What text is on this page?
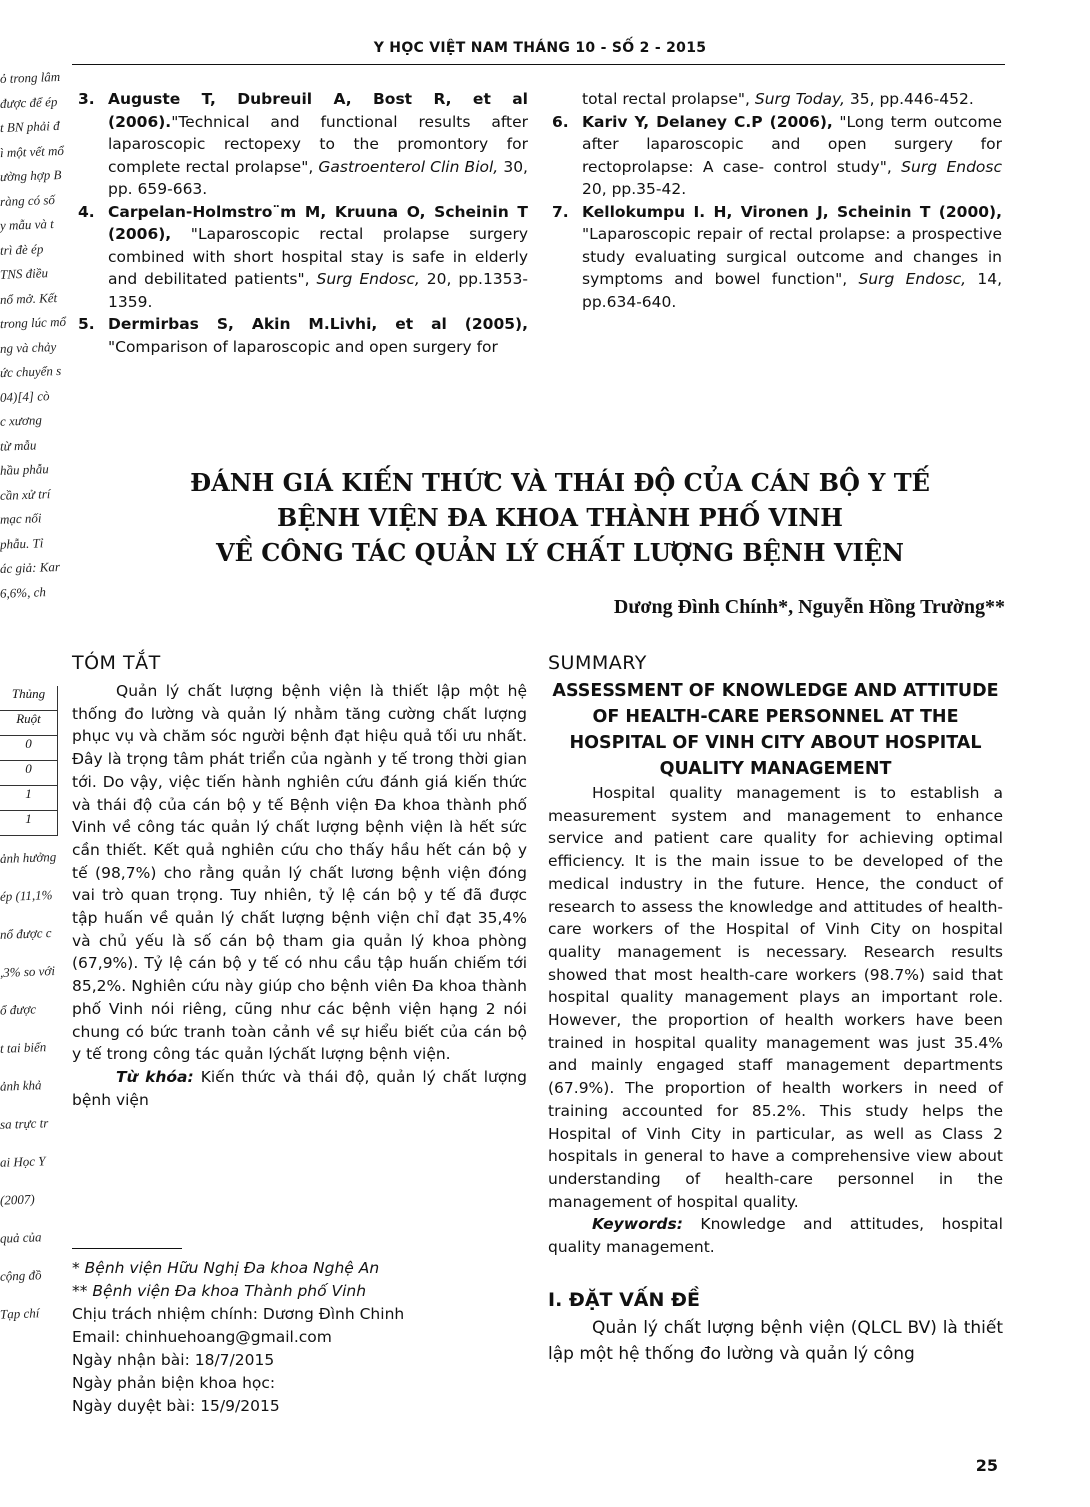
ỏ trong lâm
được để ép
t BN phải đ
ì một vết mổ
ường hợp B
ràng có số
y mẫu và t
trì đè ép
TNS điều
nổ mở. Kết
trong lúc mổ
ng và chảy
ức chuyển s
04)[4] cò
c xương
từ mẫu
hầu phẫu
cần xử trí
mạc nối
phẫu. Tỉ
ác giả: Kar
6,6%, ch
Thủng
Ruột
0
0
1
1
ảnh hưởng
ép (11,1%
nổ được c
,3% so với
ổ được
t tai biến
ảnh khả
sa trực tr
ai Học Y
(2007)
quả của
cộng đồ
Tạp chí
Y HỌC VIỆT NAM THÁNG 10 - SỐ 2 - 2015
3. Auguste T, Dubreuil A, Bost R, et al (2006)."Technical and functional results after laparoscopic rectopexy to the promontory for complete rectal prolapse", Gastroenterol Clin Biol, 30, pp. 659-663.
4. Carpelan-Holmstro¨m M, Kruuna O, Scheinin T (2006), "Laparoscopic rectal prolapse surgery combined with short hospital stay is safe in elderly and debilitated patients", Surg Endosc, 20, pp.1353-1359.
5. Dermirbas S, Akin M.Livhi, et al (2005), "Comparison of laparoscopic and open surgery for
total rectal prolapse", Surg Today, 35, pp.446-452.
6. Kariv Y, Delaney C.P (2006), "Long term outcome after laparoscopic and open surgery for rectoprolapse: A case- control study", Surg Endosc 20, pp.35-42.
7. Kellokumpu I. H, Vironen J, Scheinin T (2000), "Laparoscopic repair of rectal prolapse: a prospective study evaluating surgical outcome and changes in symptoms and bowel function", Surg Endosc, 14, pp.634-640.
ĐÁNH GIÁ KIẾN THỨC VÀ THÁI ĐỘ CỦA CÁN BỘ Y TẾ
BỆNH VIỆN ĐA KHOA THÀNH PHỐ VINH
VỀ CÔNG TÁC QUẢN LÝ CHẤT LƯỢNG BỆNH VIỆN
Dương Đình Chính*, Nguyễn Hồng Trường**
TÓM TẮT
Quản lý chất lượng bệnh viện là thiết lập một hệ thống đo lường và quản lý nhằm tăng cường chất lượng phục vụ và chăm sóc người bệnh đạt hiệu quả tối ưu nhất. Đây là trọng tâm phát triển của ngành y tế trong thời gian tới. Do vậy, việc tiến hành nghiên cứu đánh giá kiến thức và thái độ của cán bộ y tế Bệnh viện Đa khoa thành phố Vinh về công tác quản lý chất lượng bệnh viện là hết sức cần thiết. Kết quả nghiên cứu cho thấy hầu hết cán bộ y tế (98,7%) cho rằng quản lý chất lương bệnh viện đóng vai trò quan trọng. Tuy nhiên, tỷ lệ cán bộ y tế đã được tập huấn về quản lý chất lượng bệnh viện chỉ đạt 35,4% và chủ yếu là số cán bộ tham gia quản lý khoa phòng (67,9%). Tỷ lệ cán bộ y tế có nhu cầu tập huấn chiếm tới 85,2%. Nghiên cứu này giúp cho bệnh viên Đa khoa thành phố Vinh nói riêng, cũng như các bệnh viện hạng 2 nói chung có bức tranh toàn cảnh về sự hiểu biết của cán bộ y tế trong công tác quản lýchất lượng bệnh viện.
Từ khóa: Kiến thức và thái độ, quản lý chất lượng bệnh viện
* Bệnh viện Hữu Nghị Đa khoa Nghệ An
** Bệnh viện Đa khoa Thành phố Vinh
Chịu trách nhiệm chính: Dương Đình Chinh
Email: chinhuehoang@gmail.com
Ngày nhận bài: 18/7/2015
Ngày phản biện khoa học:
Ngày duyệt bài: 15/9/2015
SUMMARY
ASSESSMENT OF KNOWLEDGE AND ATTITUDE OF HEALTH-CARE PERSONNEL AT THE HOSPITAL OF VINH CITY ABOUT HOSPITAL QUALITY MANAGEMENT
Hospital quality management is to establish a measurement system and management to enhance service and patient care quality for achieving optimal efficiency. It is the main issue to be developed of the medical industry in the future. Hence, the conduct of research to assess the knowledge and attitudes of health-care workers of the Hospital of Vinh City on hospital quality management is necessary. Research results showed that most health-care workers (98.7%) said that hospital quality management plays an important role. However, the proportion of health workers have been trained in hospital quality management was just 35.4% and mainly engaged staff management departments (67.9%). The proportion of health workers in need of training accounted for 85.2%. This study helps the Hospital of Vinh City in particular, as well as Class 2 hospitals in general to have a comprehensive view about understanding of health-care personnel in the management of hospital quality.
Keywords: Knowledge and attitudes, hospital quality management.
I. ĐẶT VẤN ĐỀ
Quản lý chất lượng bệnh viện (QLCL BV) là thiết lập một hệ thống đo lường và quản lý công
25
